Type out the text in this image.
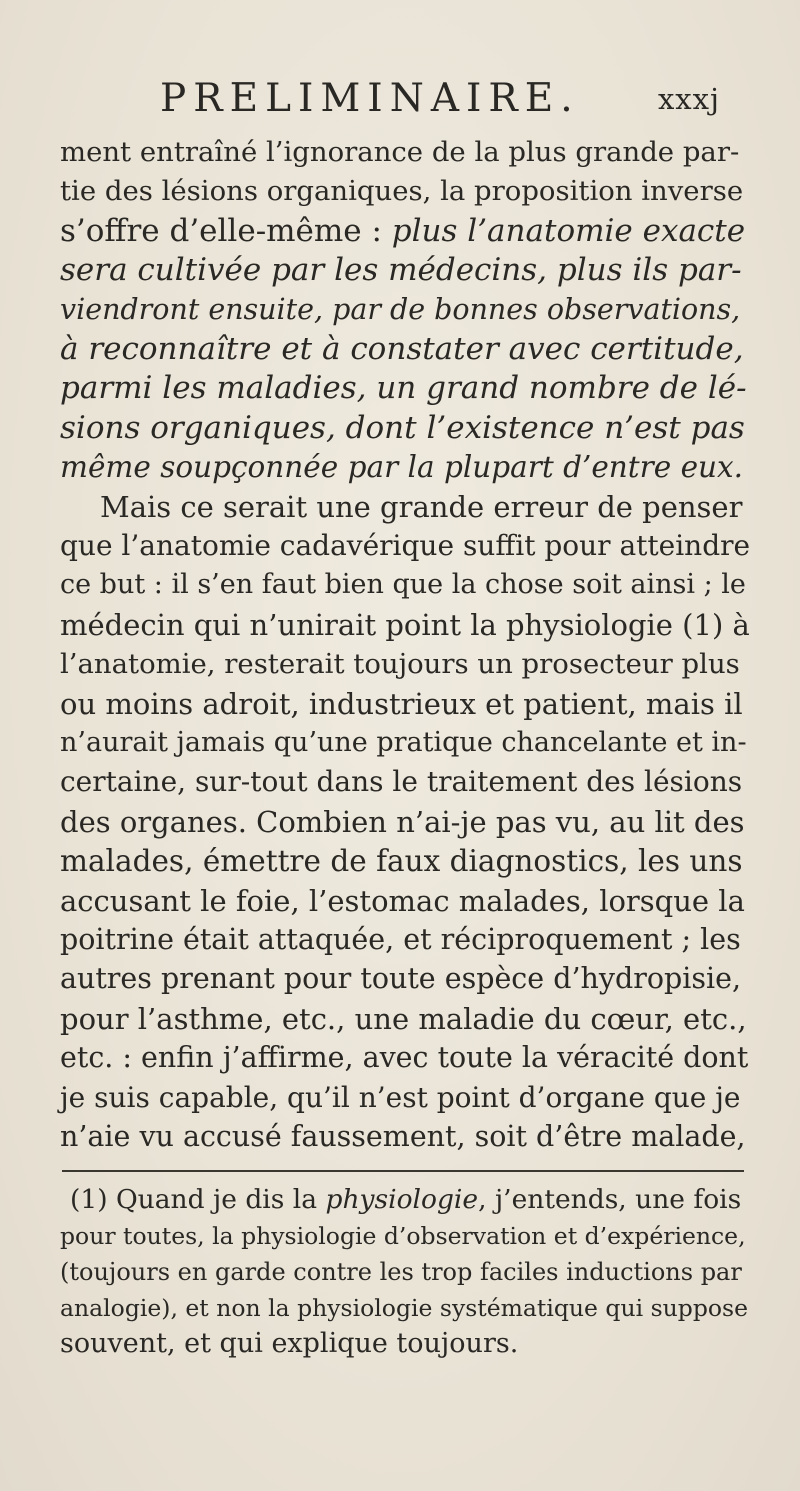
PRELIMINAIRE.	xxxj
ment entraîné l’ignorance de la plus grande par-
tie des lésions organiques, la proposition inverse
s’offre d’elle-même : plus l’anatomie exacte
sera cultivée par les médecins, plus ils par-
viendront ensuite, par de bonnes observations,
à reconnaître et à constater avec certitude,
parmi les maladies, un grand nombre de lé-
sions organiques, dont l’existence n’est pas
même soupçonnée par la plupart d’entre eux.
Mais ce serait une grande erreur de penser
que l’anatomie cadavérique suffit pour atteindre
ce but : il s’en faut bien que la chose soit ainsi ; le
médecin qui n’unirait point la physiologie (1) à
l’anatomie, resterait toujours un prosecteur plus
ou moins adroit, industrieux et patient, mais il
n’aurait jamais qu’une pratique chancelante et in-
certaine, sur-tout dans le traitement des lésions
des organes. Combien n’ai-je pas vu, au lit des
malades, émettre de faux diagnostics, les uns
accusant le foie, l’estomac malades, lorsque la
poitrine était attaquée, et réciproquement ; les
autres prenant pour toute espèce d’hydropisie,
pour l’asthme, etc., une maladie du cœur, etc.,
etc. : enfin j’affirme, avec toute la véracité dont
je suis capable, qu’il n’est point d’organe que je
n’aie vu accusé faussement, soit d’être malade,
(1) Quand je dis la physiologie, j’entends, une fois
pour toutes, la physiologie d’observation et d’expérience,
(toujours en garde contre les trop faciles inductions par
analogie), et non la physiologie systématique qui suppose
souvent, et qui explique toujours.
